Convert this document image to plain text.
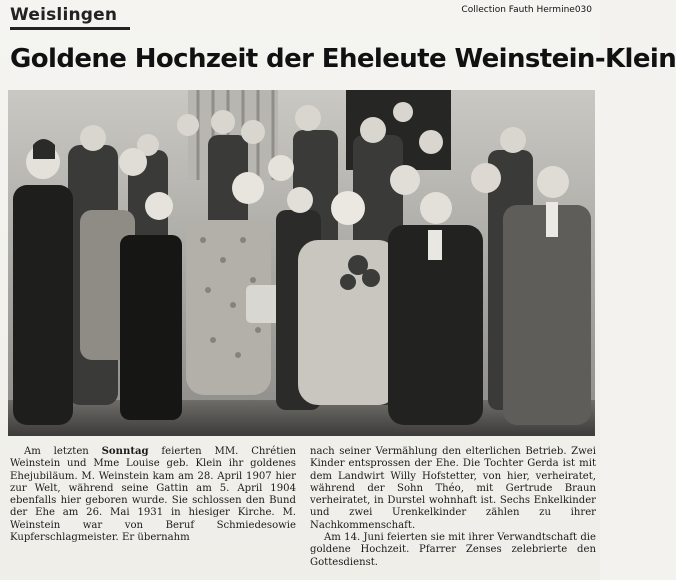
Weislingen	Collection Fauth Hermine030
Goldene Hochzeit der Eheleute Weinstein-Klein

Am letzten Sonntag feierten MM. Chrétien Weinstein und Mme Louise geb. Klein ihr goldenes Ehejubiläum. M. Weinstein kam am 28. April 1907 hier zur Welt, während seine Gattin am 5. April 1904 ebenfalls hier geboren wurde. Sie schlossen den Bund der Ehe am 26. Mai 1931 in hiesiger Kirche. M. Weinstein war von Beruf Schmiedesowie Kupferschlagmeister. Er übernahm

nach seiner Vermählung den elterlichen Betrieb. Zwei Kinder entsprossen der Ehe. Die Tochter Gerda ist mit dem Landwirt Willy Hofstetter, von hier, verheiratet, während der Sohn Théo, mit Gertrude Braun verheiratet, in Durstel wohnhaft ist. Sechs Enkelkinder und zwei Urenkelkinder zählen zu ihrer Nachkommenschaft.

Am 14. Juni feierten sie mit ihrer Verwandtschaft die goldene Hochzeit. Pfarrer Zenses zelebrierte den Gottesdienst.
